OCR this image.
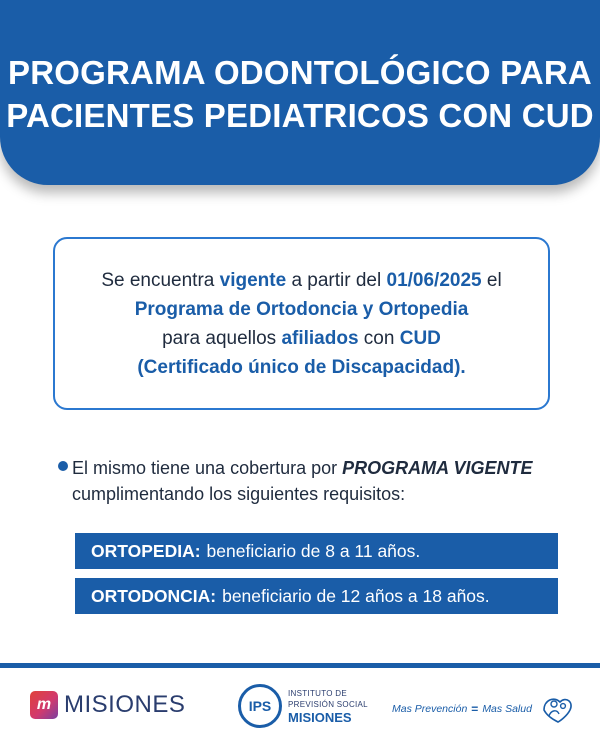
PROGRAMA ODONTOLÓGICO PARA
PACIENTES PEDIATRICOS CON CUD
Se encuentra vigente a partir del 01/06/2025 el
Programa de Ortodoncia y Ortopedia
para aquellos afiliados con CUD
(Certificado único de Discapacidad).
El mismo tiene una cobertura por PROGRAMA VIGENTE
cumplimentando los siguientes requisitos:
ORTOPEDIA: beneficiario de 8 a 11 años.
ORTODONCIA: beneficiario de 12 años a 18 años.
m MISIONES	IPS
INSTITUTO DE
PREVISIÓN SOCIAL
MISIONES
Mas Prevención = Mas Salud
